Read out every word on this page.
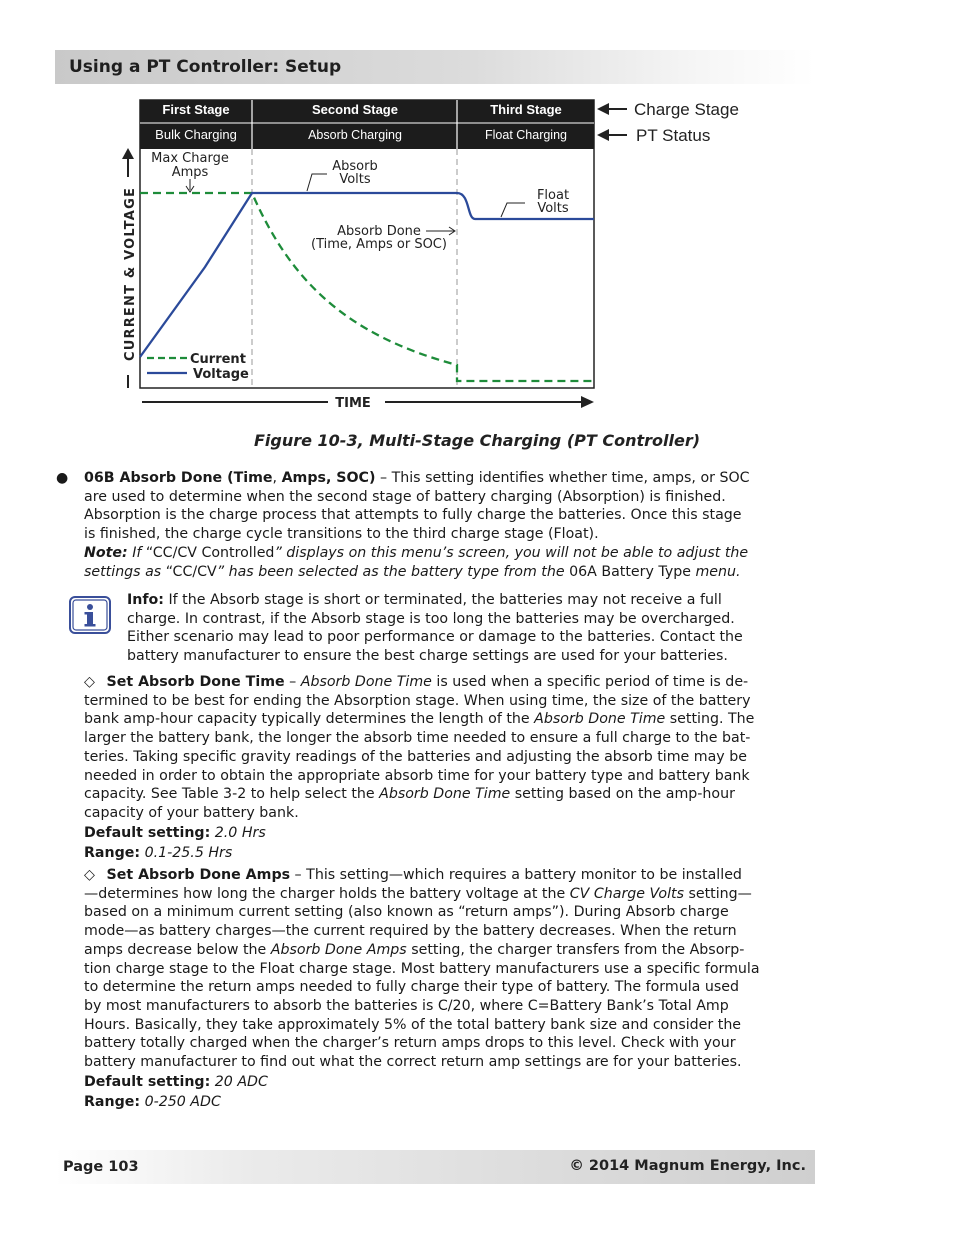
Using a PT Controller: Setup
First Stage	Second Stage	Third Stage
Bulk Charging	Absorb Charging	Float Charging
Max Charge
Amps	Absorb
Volts
Float
Volts
Absorb Done
(Time, Amps or SOC)
Current
Voltage
CURRENT & VOLTAGE
TIME
Charge Stage
PT Status
Figure 10-3, Multi-Stage Charging (PT Controller)
● 06B Absorb Done (Time, Amps, SOC) – This setting identifies whether time, amps, or SOC
are used to determine when the second stage of battery charging (Absorption) is finished.
Absorption is the charge process that attempts to fully charge the batteries. Once this stage
is finished, the charge cycle transitions to the third charge stage (Float).
Note: If “CC/CV Controlled” displays on this menu’s screen, you will not be able to adjust the
settings as “CC/CV” has been selected as the battery type from the 06A Battery Type menu.
Info: If the Absorb stage is short or terminated, the batteries may not receive a full
charge. In contrast, if the Absorb stage is too long the batteries may be overcharged.
Either scenario may lead to poor performance or damage to the batteries. Contact the
battery manufacturer to ensure the best charge settings are used for your batteries.
◇ Set Absorb Done Time – Absorb Done Time is used when a specific period of time is de-
termined to be best for ending the Absorption stage. When using time, the size of the battery
bank amp-hour capacity typically determines the length of the Absorb Done Time setting. The
larger the battery bank, the longer the absorb time needed to ensure a full charge to the bat-
teries. Taking specific gravity readings of the batteries and adjusting the absorb time may be
needed in order to obtain the appropriate absorb time for your battery type and battery bank
capacity. See Table 3-2 to help select the Absorb Done Time setting based on the amp-hour
capacity of your battery bank.
Default setting: 2.0 Hrs
Range: 0.1-25.5 Hrs
◇ Set Absorb Done Amps – This setting—which requires a battery monitor to be installed
—determines how long the charger holds the battery voltage at the CV Charge Volts setting—
based on a minimum current setting (also known as “return amps”). During Absorb charge
mode—as battery charges—the current required by the battery decreases. When the return
amps decrease below the Absorb Done Amps setting, the charger transfers from the Absorp-
tion charge stage to the Float charge stage. Most battery manufacturers use a specific formula
to determine the return amps needed to fully charge their type of battery. The formula used
by most manufacturers to absorb the batteries is C/20, where C=Battery Bank’s Total Amp
Hours. Basically, they take approximately 5% of the total battery bank size and consider the
battery totally charged when the charger’s return amps drops to this level. Check with your
battery manufacturer to find out what the correct return amp settings are for your batteries.
Default setting: 20 ADC
Range: 0-250 ADC
Page 103	© 2014 Magnum Energy, Inc.
